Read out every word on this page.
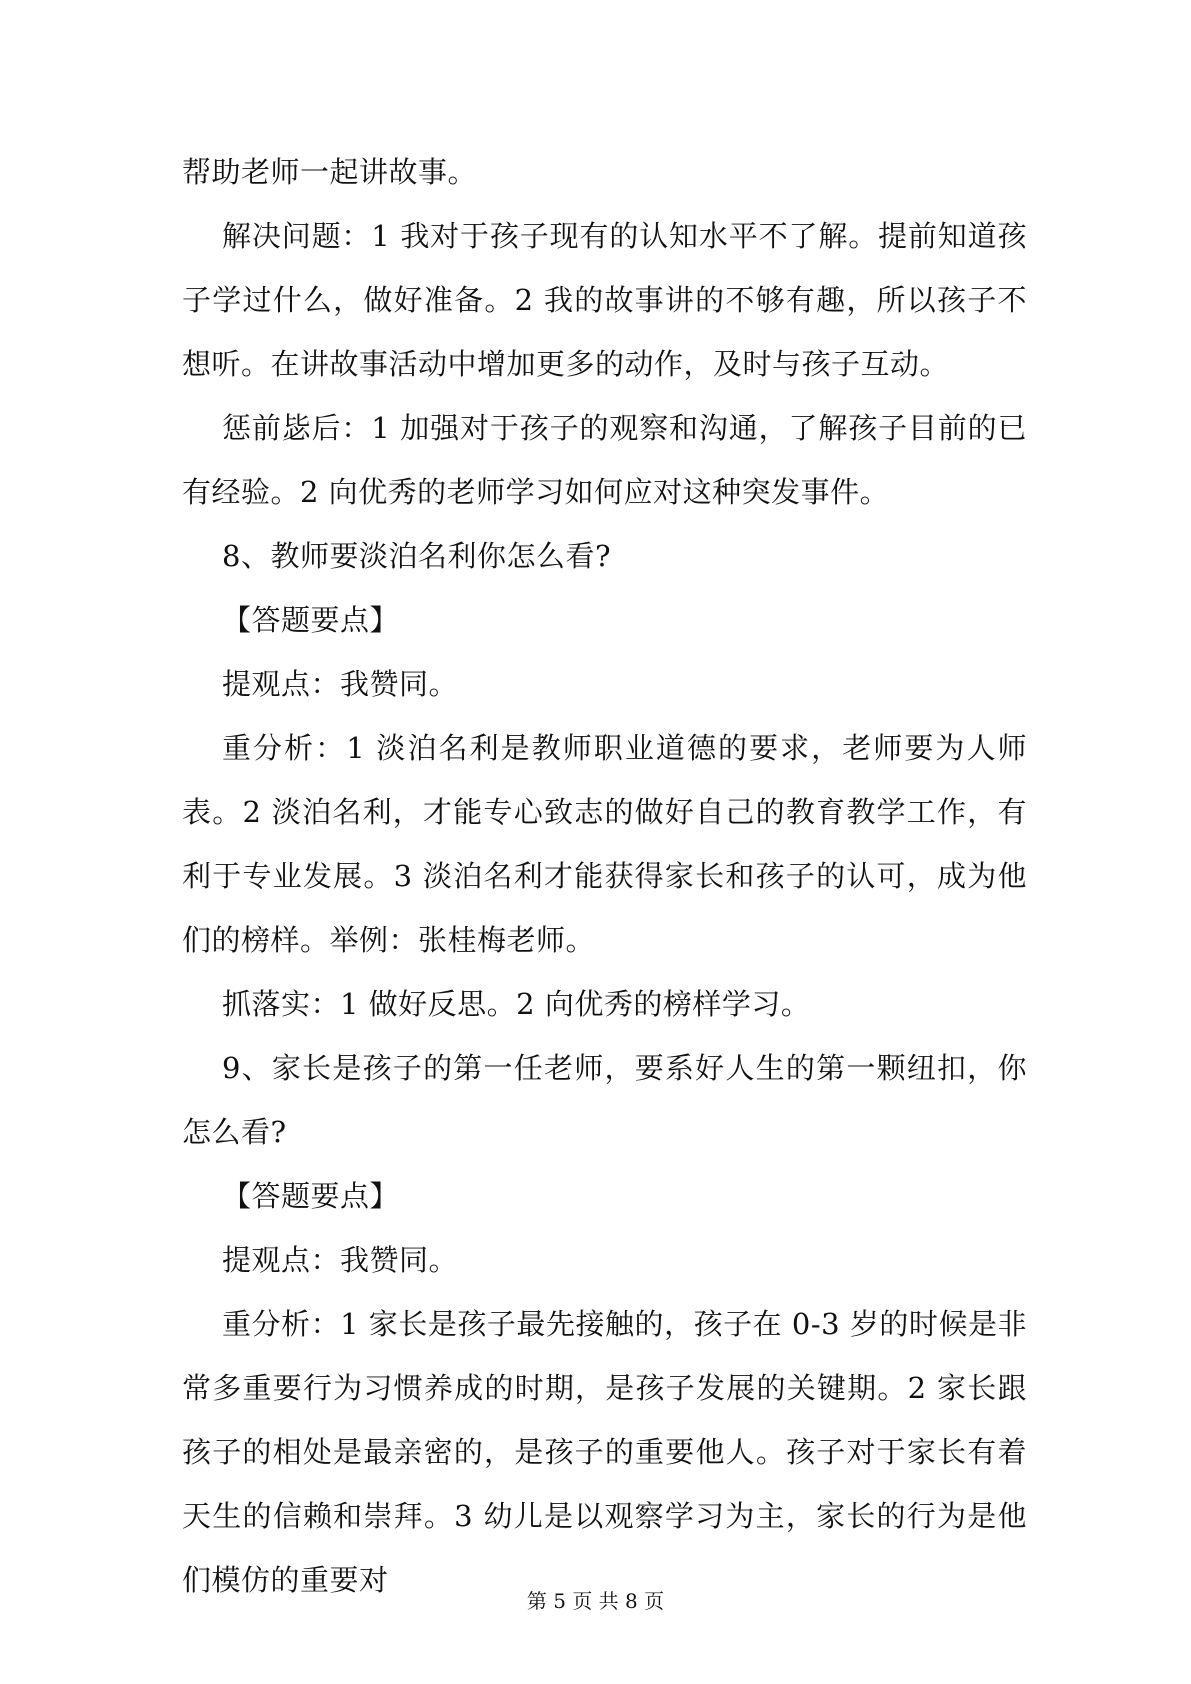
帮助老师一起讲故事。

解决问题：1 我对于孩子现有的认知水平不了解。提前知道孩子学过什么，做好准备。2 我的故事讲的不够有趣，所以孩子不想听。在讲故事活动中增加更多的动作，及时与孩子互动。

惩前毖后：1 加强对于孩子的观察和沟通，了解孩子目前的已有经验。2 向优秀的老师学习如何应对这种突发事件。

8、教师要淡泊名利你怎么看?

【答题要点】

提观点：我赞同。

重分析：1 淡泊名利是教师职业道德的要求，老师要为人师表。2 淡泊名利，才能专心致志的做好自己的教育教学工作，有利于专业发展。3 淡泊名利才能获得家长和孩子的认可，成为他们的榜样。举例：张桂梅老师。

抓落实：1 做好反思。2 向优秀的榜样学习。

9、家长是孩子的第一任老师，要系好人生的第一颗纽扣，你怎么看?

【答题要点】

提观点：我赞同。

重分析：1 家长是孩子最先接触的，孩子在 0-3 岁的时候是非常多重要行为习惯养成的时期，是孩子发展的关键期。2 家长跟孩子的相处是最亲密的，是孩子的重要他人。孩子对于家长有着天生的信赖和崇拜。3 幼儿是以观察学习为主，家长的行为是他们模仿的重要对

第 5 页 共 8 页
